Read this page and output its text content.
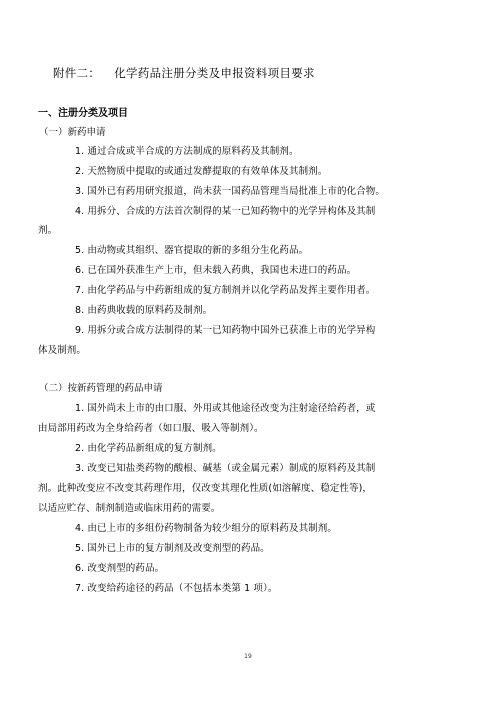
附件二： 化学药品注册分类及申报资料项目要求
一、注册分类及项目
（一）新药申请
1. 通过合成或半合成的方法制成的原料药及其制剂。
2. 天然物质中提取的或通过发酵提取的有效单体及其制剂。
3. 国外已有药用研究报道，尚未获一国药品管理当局批准上市的化合物。
4. 用拆分、合成的方法首次制得的某一已知药物中的光学异构体及其制
剂。
5. 由动物或其组织、器官提取的新的多组分生化药品。
6. 已在国外获准生产上市，但未载入药典，我国也未进口的药品。
7. 由化学药品与中药新组成的复方制剂并以化学药品发挥主要作用者。
8. 由药典收载的原料药及制剂。
9. 用拆分或合成方法制得的某一已知药物中国外已获准上市的光学异构
体及制剂。
（二）按新药管理的药品申请
1. 国外尚未上市的由口服、外用或其他途径改变为注射途径给药者，或
由局部用药改为全身给药者（如口服、吸入等制剂）。
2. 由化学药品新组成的复方制剂。
3. 改变已知盐类药物的酸根、碱基（或金属元素）制成的原料药及其制
剂。此种改变应不改变其药理作用，仅改变其理化性质(如溶解度、稳定性等)，
以适应贮存、制剂制造或临床用药的需要。
4. 由已上市的多组份药物制备为较少组分的原料药及其制剂。
5. 国外已上市的复方制剂及改变剂型的药品。
6. 改变剂型的药品。
7. 改变给药途径的药品（不包括本类第 1 项）。
19
